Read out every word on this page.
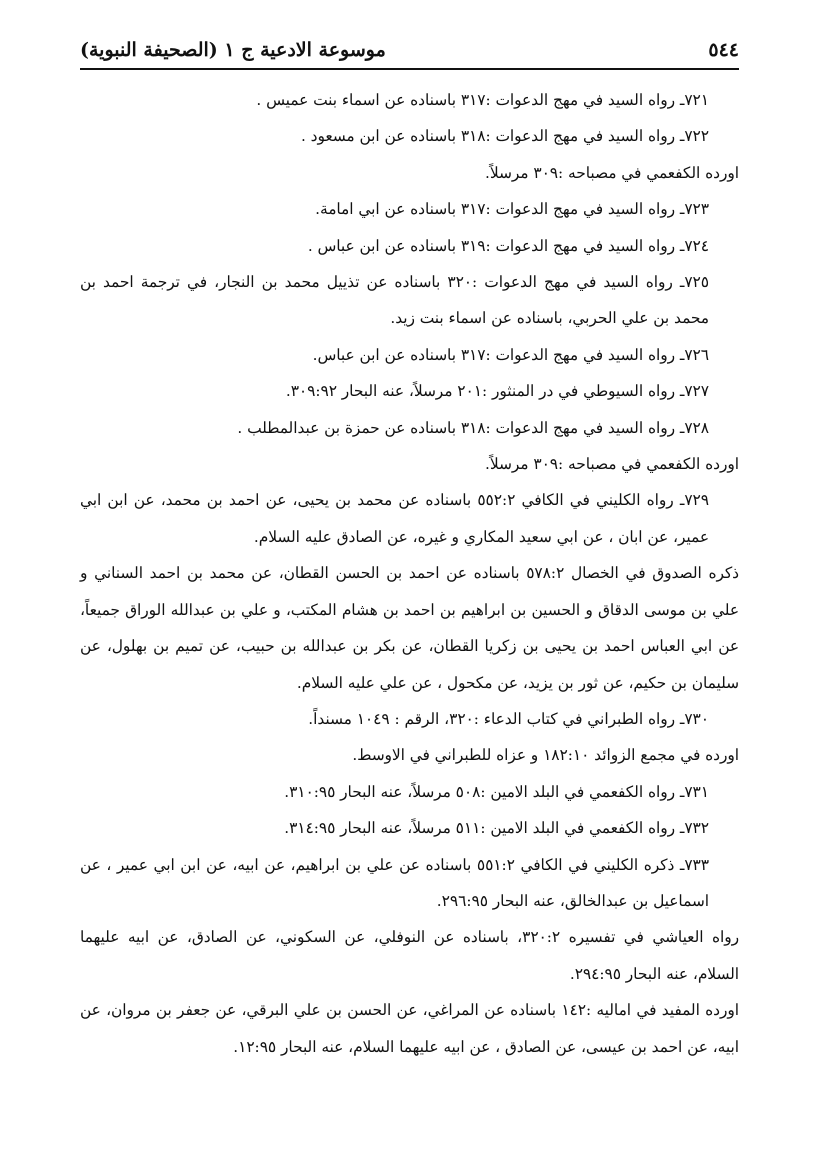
٥٤٤
موسوعة الادعية ج ١ (الصحيفة النبوية)

٧٢١ـ رواه السيد في مهج الدعوات :٣١٧ باسناده عن اسماء بنت عميس .

٧٢٢ـ رواه السيد في مهج الدعوات :٣١٨ باسناده عن ابن مسعود .

اورده الكفعمي في مصباحه :٣٠٩ مرسلاً.

٧٢٣ـ رواه السيد في مهج الدعوات :٣١٧ باسناده عن ابي امامة.

٧٢٤ـ رواه السيد في مهج الدعوات :٣١٩ باسناده عن ابن عباس .

٧٢٥ـ رواه السيد في مهج الدعوات :٣٢٠ باسناده عن تذييل محمد بن النجار، في ترجمة احمد بن محمد بن علي الحربي، باسناده عن اسماء بنت زيد.

٧٢٦ـ رواه السيد في مهج الدعوات :٣١٧ باسناده عن ابن عباس.

٧٢٧ـ رواه السيوطي في در المنثور :٢٠١ مرسلاً، عنه البحار ٣٠٩:٩٢.

٧٢٨ـ رواه السيد في مهج الدعوات :٣١٨ باسناده عن حمزة بن عبدالمطلب .

اورده الكفعمي في مصباحه :٣٠٩ مرسلاً.

٧٢٩ـ رواه الكليني في الكافي ٥٥٢:٢ باسناده عن محمد بن يحيى، عن احمد بن محمد، عن ابن ابي عمير، عن ابان ، عن ابي سعيد المكاري و غيره، عن الصادق عليه السلام.

ذكره الصدوق في الخصال ٥٧٨:٢ باسناده عن احمد بن الحسن القطان، عن محمد بن احمد السناني و علي بن موسى الدقاق و الحسين بن ابراهيم بن احمد بن هشام المكتب، و علي بن عبدالله الوراق جميعاً، عن ابي العباس احمد بن يحيى بن زكريا القطان، عن بكر بن عبدالله بن حبيب، عن تميم بن بهلول، عن سليمان بن حكيم، عن ثور بن يزيد، عن مكحول ، عن علي عليه السلام.

٧٣٠ـ رواه الطبراني في كتاب الدعاء :٣٢٠، الرقم : ١٠٤٩ مسنداً.

اورده في مجمع الزوائد ١٨٢:١٠ و عزاه للطبراني في الاوسط.

٧٣١ـ رواه الكفعمي في البلد الامين :٥٠٨ مرسلاً، عنه البحار ٣١٠:٩٥.

٧٣٢ـ رواه الكفعمي في البلد الامين :٥١١ مرسلاً، عنه البحار ٣١٤:٩٥.

٧٣٣ـ ذكره الكليني في الكافي ٥٥١:٢ باسناده عن علي بن ابراهيم، عن ابيه، عن ابن ابي عمير ، عن اسماعيل بن عبدالخالق، عنه البحار ٢٩٦:٩٥.

رواه العياشي في تفسيره ٣٢٠:٢، باسناده عن النوفلي، عن السكوني، عن الصادق، عن ابيه عليهما السلام، عنه البحار ٢٩٤:٩٥.

اورده المفيد في اماليه :١٤٢ باسناده عن المراغي، عن الحسن بن علي البرقي، عن جعفر بن مروان، عن ابيه، عن احمد بن عيسى، عن الصادق ، عن ابيه عليهما السلام، عنه البحار ١٢:٩٥.
